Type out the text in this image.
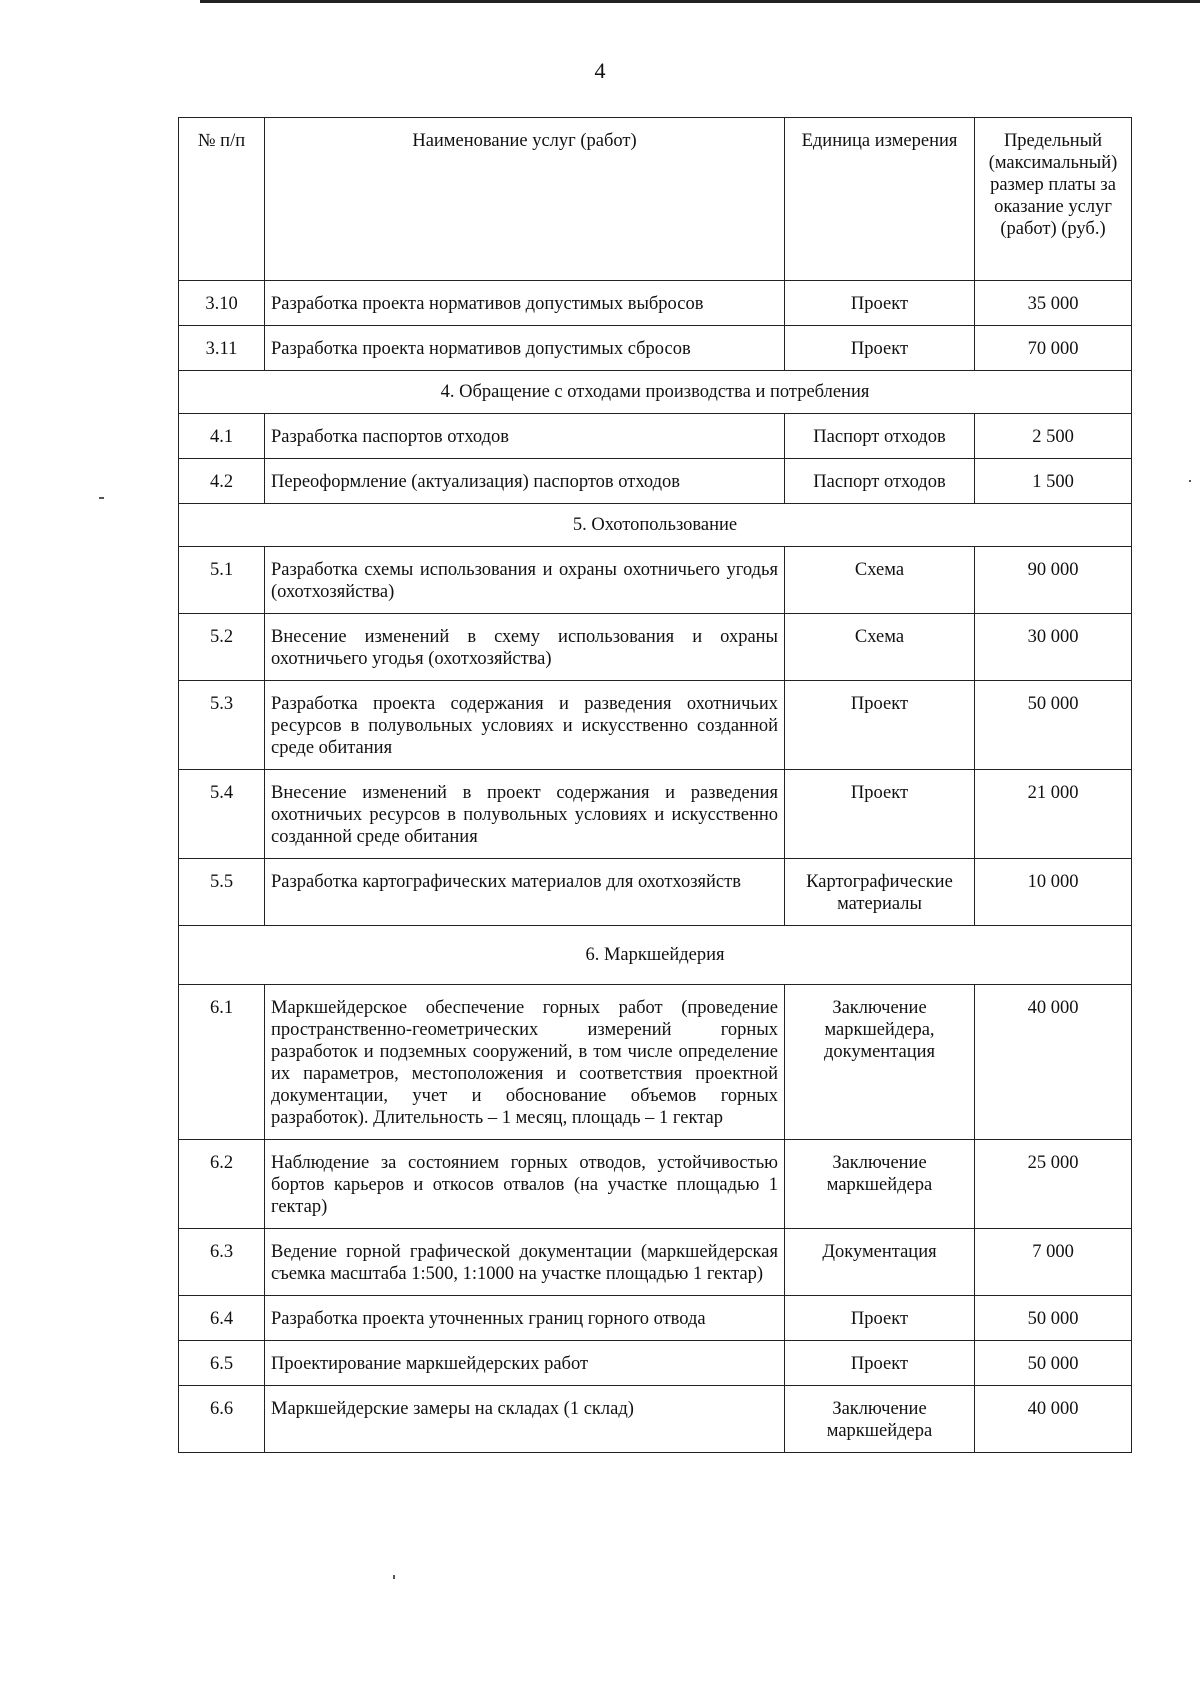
4
№ п/п	Наименование услуг (работ)	Единица измерения	Предельный (максимальный) размер платы за оказание услуг (работ) (руб.)
3.10	Разработка проекта нормативов допустимых выбросов	Проект	35 000
3.11	Разработка проекта нормативов допустимых сбросов	Проект	70 000
4. Обращение с отходами производства и потребления			
4.1	Разработка паспортов отходов	Паспорт отходов	2 500
4.2	Переоформление (актуализация) паспортов отходов	Паспорт отходов	1 500
5. Охотопользование			
5.1	Разработка схемы использования и охраны охотничьего угодья (охотхозяйства)	Схема	90 000
5.2	Внесение изменений в схему использования и охраны охотничьего угодья (охотхозяйства)	Схема	30 000
5.3	Разработка проекта содержания и разведения охотничьих ресурсов в полувольных условиях и искусственно созданной среде обитания	Проект	50 000
5.4	Внесение изменений в проект содержания и разведения охотничьих ресурсов в полувольных условиях и искусственно созданной среде обитания	Проект	21 000
5.5	Разработка картографических материалов для охотхозяйств	Картографические материалы	10 000
6. Маркшейдерия			
6.1	Маркшейдерское обеспечение горных работ (проведение пространственно-геометрических измерений горных разработок и подземных сооружений, в том числе определение их параметров, местоположения и соответствия проектной документации, учет и обоснование объемов горных разработок). Длительность – 1 месяц, площадь – 1 гектар	Заключение маркшейдера, документация	40 000
6.2	Наблюдение за состоянием горных отводов, устойчивостью бортов карьеров и откосов отвалов (на участке площадью 1 гектар)	Заключение маркшейдера	25 000
6.3	Ведение горной графической документации (маркшейдерская съемка масштаба 1:500, 1:1000 на участке площадью 1 гектар)	Документация	7 000
6.4	Разработка проекта уточненных границ горного отвода	Проект	50 000
6.5	Проектирование маркшейдерских работ	Проект	50 000
6.6	Маркшейдерские замеры на складах (1 склад)	Заключение маркшейдера	40 000
